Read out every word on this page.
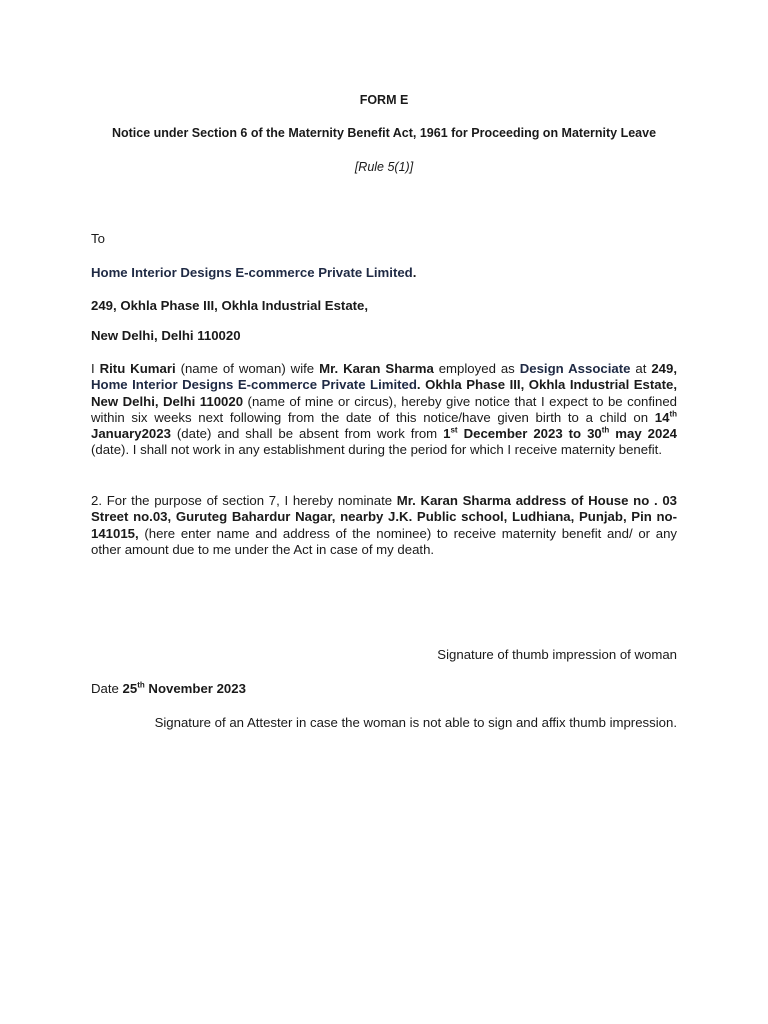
FORM E
Notice under Section 6 of the Maternity Benefit Act, 1961 for Proceeding on Maternity Leave
[Rule 5(1)]
To
Home Interior Designs E-commerce Private Limited.
249, Okhla Phase III, Okhla Industrial Estate,
New Delhi, Delhi 110020
I Ritu Kumari (name of woman) wife Mr. Karan Sharma employed as Design Associate at 249, Home Interior Designs E-commerce Private Limited. Okhla Phase III, Okhla Industrial Estate, New Delhi, Delhi 110020 (name of mine or circus), hereby give notice that I expect to be confined within six weeks next following from the date of this notice/have given birth to a child on 14th January2023 (date) and shall be absent from work from 1st December 2023 to 30th may 2024 (date). I shall not work in any establishment during the period for which I receive maternity benefit.
2. For the purpose of section 7, I hereby nominate Mr. Karan Sharma address of House no . 03 Street no.03, Guruteg Bahardur Nagar, nearby J.K. Public school, Ludhiana, Punjab, Pin no- 141015, (here enter name and address of the nominee) to receive maternity benefit and/ or any other amount due to me under the Act in case of my death.
Signature of thumb impression of woman
Date 25th November 2023
Signature of an Attester in case the woman is not able to sign and affix thumb impression.
